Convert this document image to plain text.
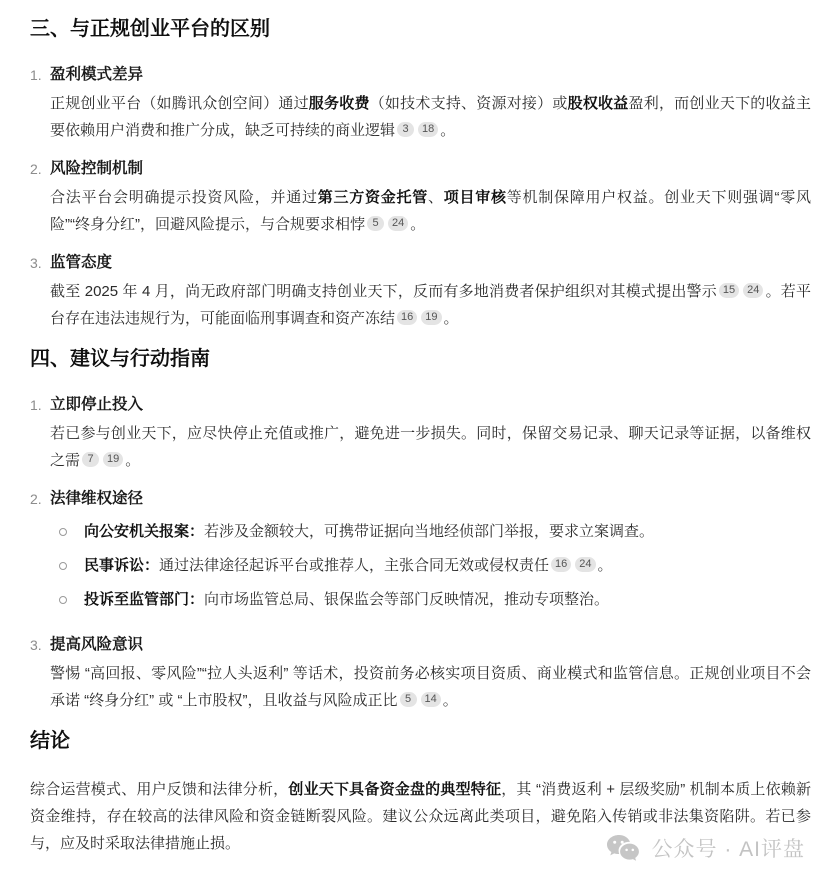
三、与正规创业平台的区别
1. 盈利模式差异

正规创业平台（如腾讯众创空间）通过服务收费（如技术支持、资源对接）或股权收益盈利，而创业天下的收益主要依赖用户消费和推广分成，缺乏可持续的商业逻辑 3 18 。

2. 风险控制机制

合法平台会明确提示投资风险，并通过第三方资金托管、项目审核等机制保障用户权益。创业天下则强调“零风险”“终身分红”，回避风险提示，与合规要求相悖 5 24 。

3. 监管态度

截至 2025 年 4 月，尚无政府部门明确支持创业天下，反而有多地消费者保护组织对其模式提出警示 15 24 。若平台存在违法违规行为，可能面临刑事调查和资产冻结 16 19 。

四、建议与行动指南
1. 立即停止投入

若已参与创业天下，应尽快停止充值或推广，避免进一步损失。同时，保留交易记录、聊天记录等证据，以备维权之需 7 19 。

2. 法律维权途径

向公安机关报案：若涉及金额较大，可携带证据向当地经侦部门举报，要求立案调查。

民事诉讼：通过法律途径起诉平台或推荐人，主张合同无效或侵权责任 16 24 。

投诉至监管部门：向市场监管总局、银保监会等部门反映情况，推动专项整治。

3. 提高风险意识

警惕 “高回报、零风险”“拉人头返利” 等话术，投资前务必核实项目资质、商业模式和监管信息。正规创业项目不会承诺 “终身分红” 或 “上市股权”，且收益与风险成正比 5 14 。

结论

综合运营模式、用户反馈和法律分析，创业天下具备资金盘的典型特征，其 “消费返利 + 层级奖励” 机制本质上依赖新资金维持，存在较高的法律风险和资金链断裂风险。建议公众远离此类项目，避免陷入传销或非法集资陷阱。若已参与，应及时采取法律措施止损。	公众号 · AI评盘
